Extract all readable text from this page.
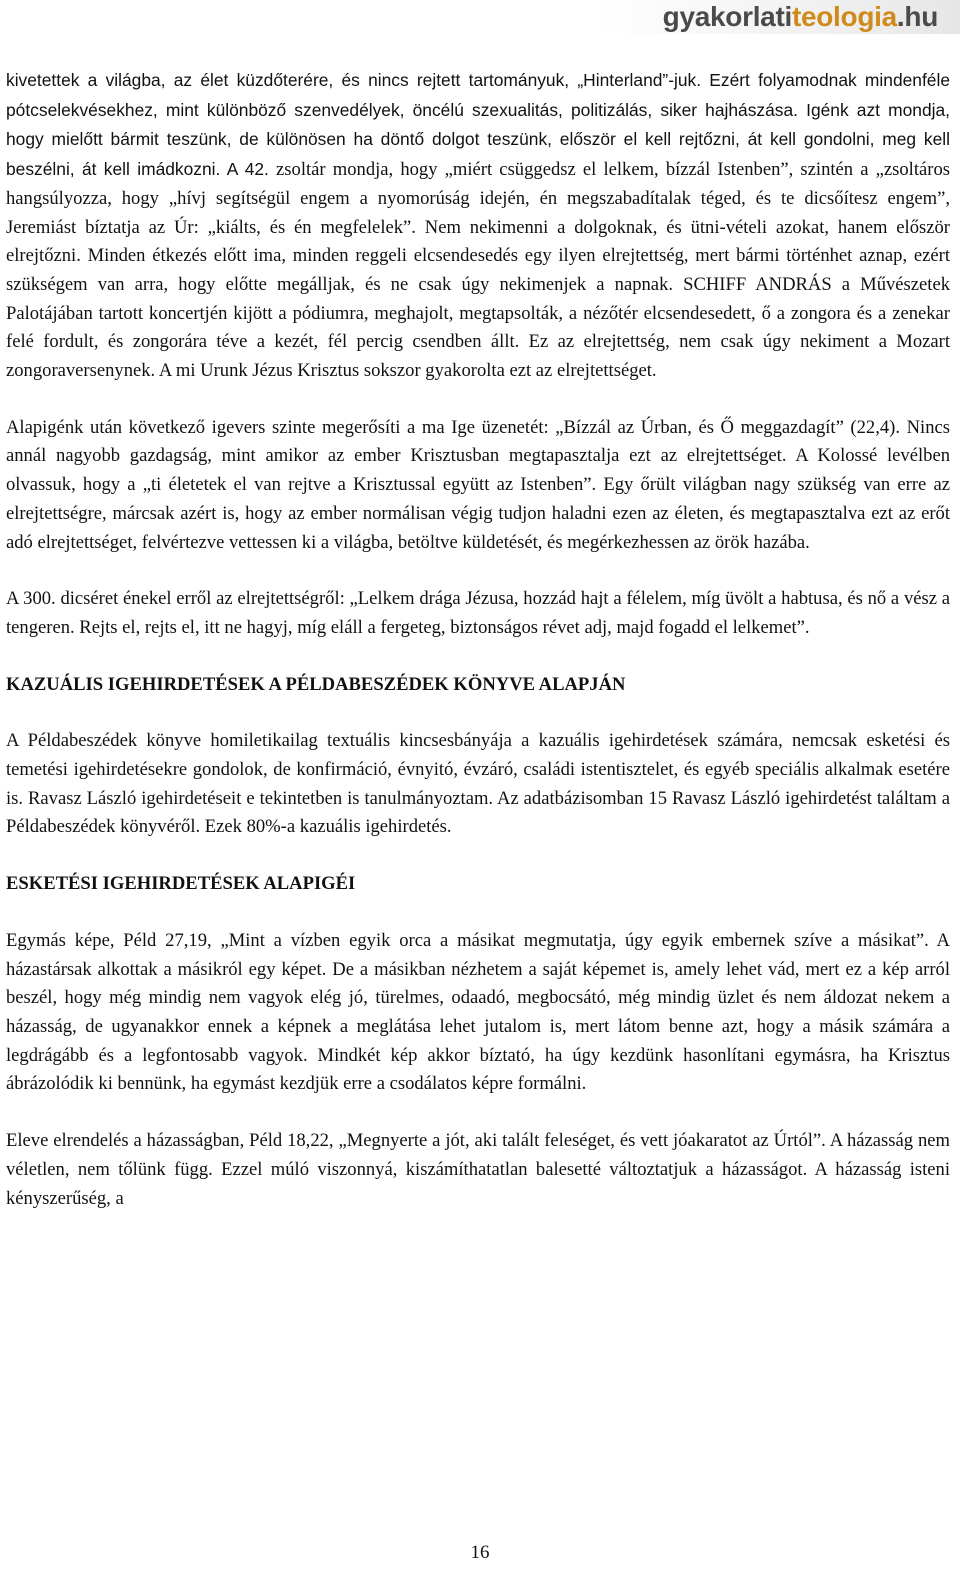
gyakorlati teologia .hu

kivetettek a világba, az élet küzdőterére, és nincs rejtett tartományuk, „Hinterland”-juk. Ezért folyamodnak mindenféle pótcselekvésekhez, mint különböző szenvedélyek, öncélú szexualitás, politizálás, siker hajhászása. Igénk azt mondja, hogy mielőtt bármit teszünk, de különösen ha döntő dolgot teszünk, először el kell rejtőzni, át kell gondolni, meg kell beszélni, át kell imádkozni. A 42. zsoltár mondja, hogy „miért csüggedsz el lelkem, bízzál Istenben”, szintén a „zsoltáros hangsúlyozza, hogy „hívj segítségül engem a nyomorúság idején, én megszabadítalak téged, és te dicsőítesz engem”, Jeremiást bíztatja az Úr: „kiálts, és én megfelelek”. Nem nekimenni a dolgoknak, és ütni-vételi azokat, hanem először elrejtőzni. Minden étkezés előtt ima, minden reggeli elcsendesedés egy ilyen elrejtettség, mert bármi történhet aznap, ezért szükségem van arra, hogy előtte megálljak, és ne csak úgy nekimenjek a napnak. SCHIFF ANDRÁS a Művészetek Palotájában tartott koncertjén kijött a pódiumra, meghajolt, megtapsolták, a nézőtér elcsendesedett, ő a zongora és a zenekar felé fordult, és zongorára téve a kezét, fél percig csendben állt. Ez az elrejtettség, nem csak úgy nekiment a Mozart zongoraversenynek. A mi Urunk Jézus Krisztus sokszor gyakorolta ezt az elrejtettséget.

Alapigénk után következő igevers szinte megerősíti a ma Ige üzenetét: „Bízzál az Úrban, és Ő meggazdagít” (22,4). Nincs annál nagyobb gazdagság, mint amikor az ember Krisztusban megtapasztalja ezt az elrejtettséget. A Kolossé levélben olvassuk, hogy a „ti életetek el van rejtve a Krisztussal együtt az Istenben”. Egy őrült világban nagy szükség van erre az elrejtettségre, márcsak azért is, hogy az ember normálisan végig tudjon haladni ezen az életen, és megtapasztalva ezt az erőt adó elrejtettséget, felvértezve vettessen ki a világba, betöltve küldetését, és megérkezhessen az örök hazába.

A 300. dicséret énekel erről az elrejtettségről: „Lelkem drága Jézusa, hozzád hajt a félelem, míg üvölt a habtusa, és nő a vész a tengeren. Rejts el, rejts el, itt ne hagyj, míg eláll a fergeteg, biztonságos révet adj, majd fogadd el lelkemet”.

KAZUÁLIS IGEHIRDETÉSEK A PÉLDABESZÉDEK KÖNYVE ALAPJÁN

A Példabeszédek könyve homiletikailag textuális kincsesbányája a kazuális igehirdetések számára, nemcsak esketési és temetési igehirdetésekre gondolok, de konfirmáció, évnyitó, évzáró, családi istentisztelet, és egyéb speciális alkalmak esetére is. Ravasz László igehirdetéseit e tekintetben is tanulmányoztam. Az adatbázisomban 15 Ravasz László igehirdetést találtam a Példabeszédek könyvéről. Ezek 80%-a kazuális igehirdetés.

ESKETÉSI IGEHIRDETÉSEK ALAPIGÉI

Egymás képe, Péld 27,19, „Mint a vízben egyik orca a másikat megmutatja, úgy egyik embernek szíve a másikat”. A házastársak alkottak a másikról egy képet. De a másikban nézhetem a saját képemet is, amely lehet vád, mert ez a kép arról beszél, hogy még mindig nem vagyok elég jó, türelmes, odaadó, megbocsátó, még mindig üzlet és nem áldozat nekem a házasság, de ugyanakkor ennek a képnek a meglátása lehet jutalom is, mert látom benne azt, hogy a másik számára a legdrágább és a legfontosabb vagyok. Mindkét kép akkor bíztató, ha úgy kezdünk hasonlítani egymásra, ha Krisztus ábrázolódik ki bennünk, ha egymást kezdjük erre a csodálatos képre formálni.

Eleve elrendelés a házasságban, Péld 18,22, „Megnyerte a jót, aki talált feleséget, és vett jóakaratot az Úrtól”. A házasság nem véletlen, nem tőlünk függ. Ezzel múló viszonnyá, kiszámíthatatlan balesetté változtatjuk a házasságot. A házasság isteni kényszerűség, a

16
